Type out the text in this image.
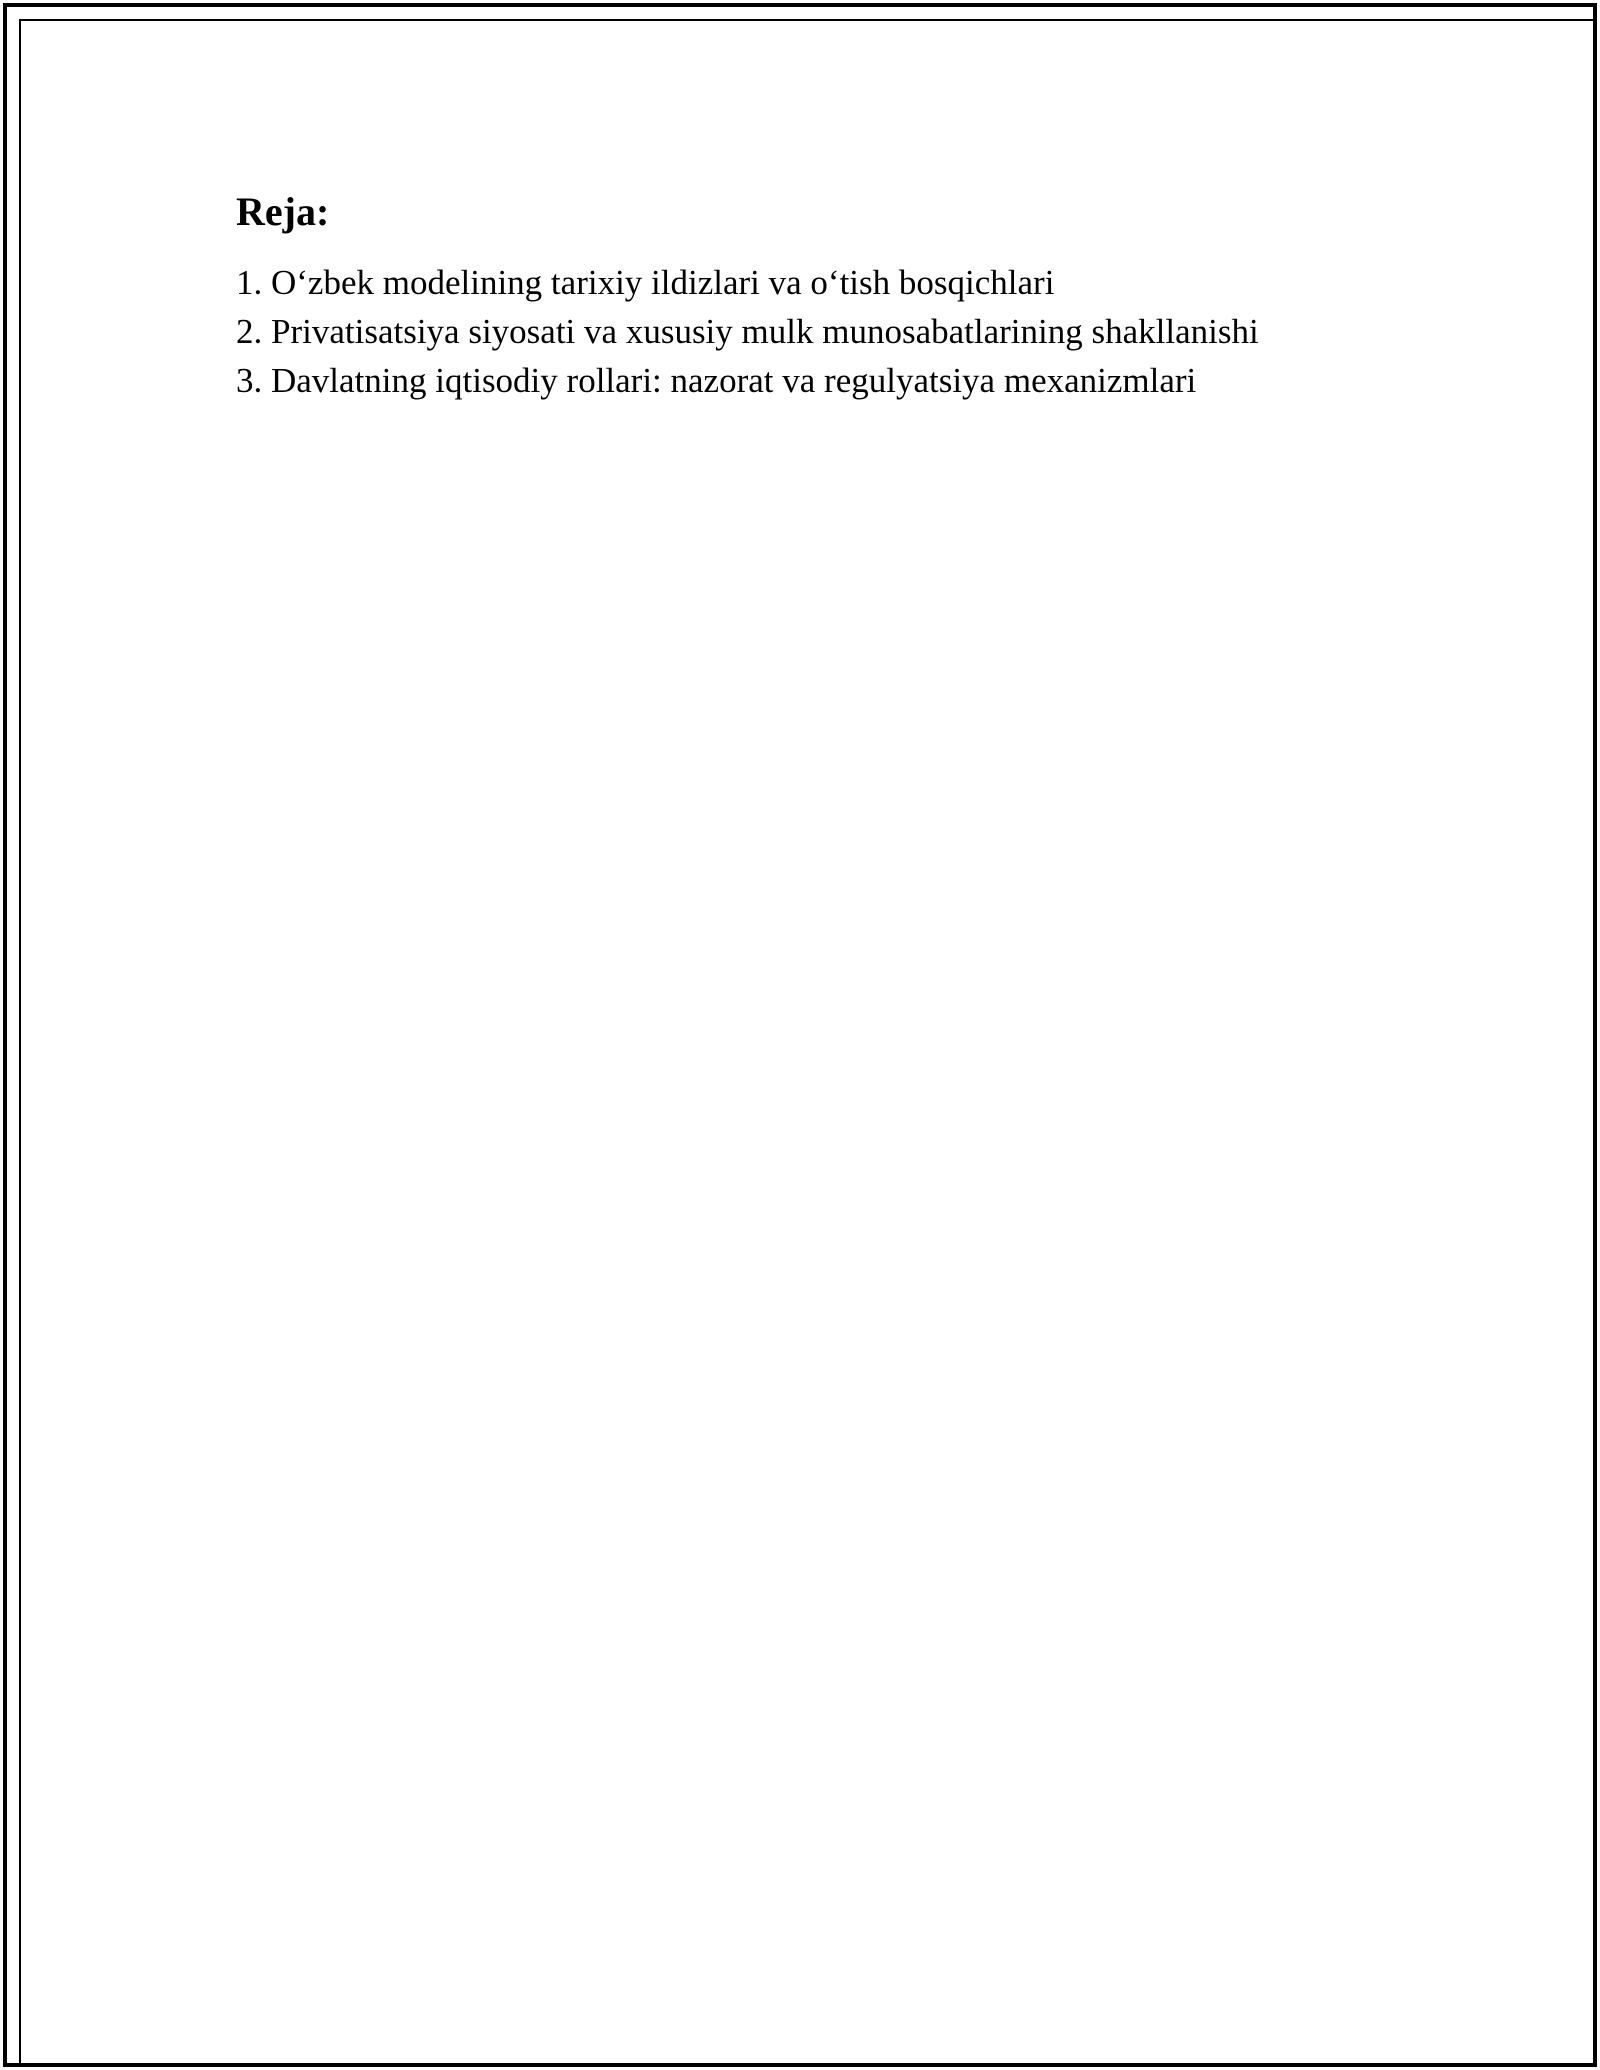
Reja:
1. O‘zbek modelining tarixiy ildizlari va o‘tish bosqichlari
2. Privatisatsiya siyosati va xususiy mulk munosabatlarining shakllanishi
3. Davlatning iqtisodiy rollari: nazorat va regulyatsiya mexanizmlari
